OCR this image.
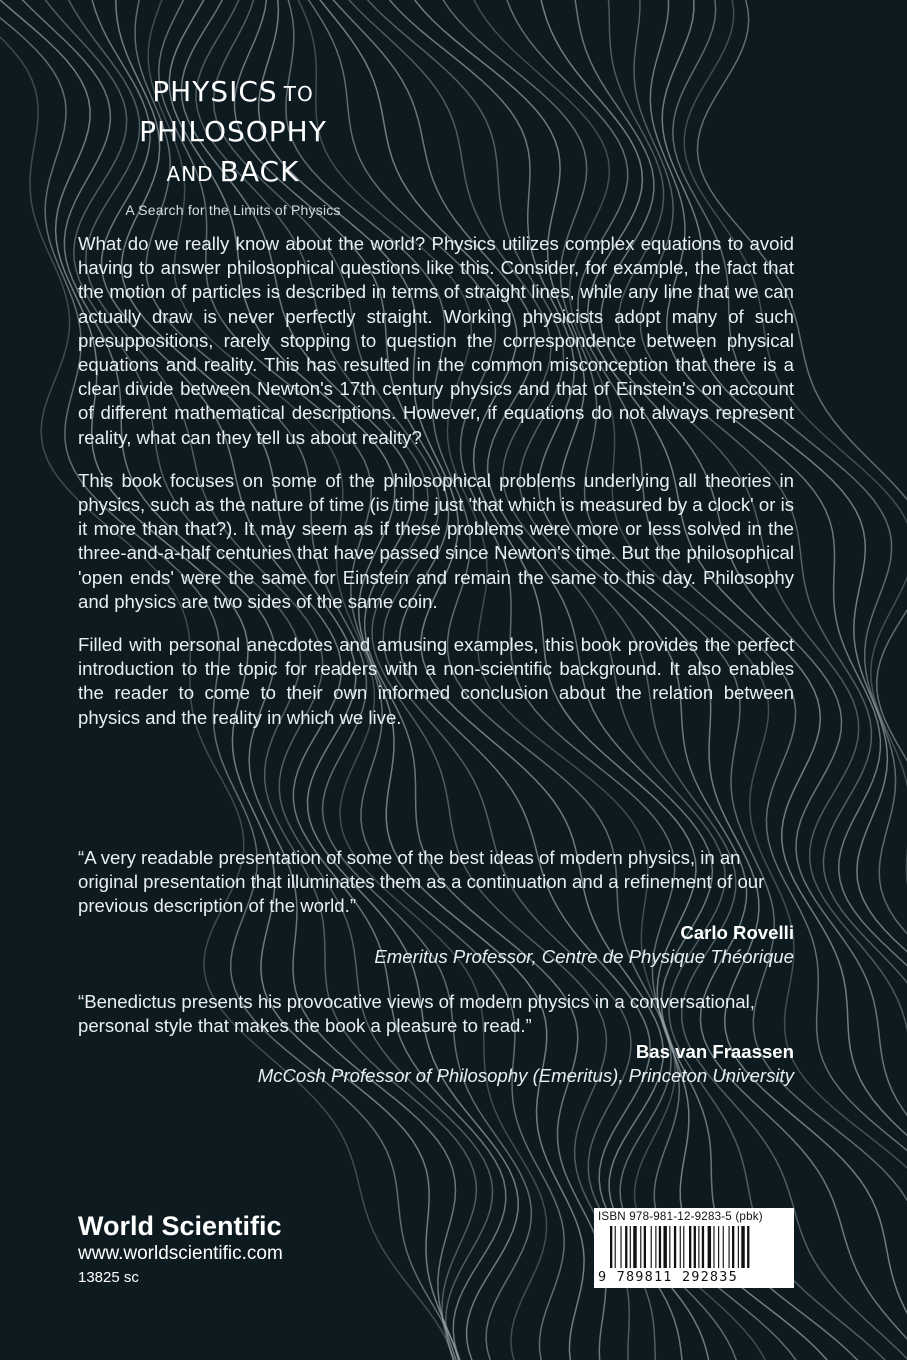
PHYSICS TO
PHILOSOPHY
AND BACK
A Search for the Limits of Physics

What do we really know about the world? Physics utilizes complex equations to avoid having to answer philosophical questions like this. Consider, for example, the fact that the motion of particles is described in terms of straight lines, while any line that we can actually draw is never perfectly straight. Working physicists adopt many of such presuppositions, rarely stopping to question the correspondence between physical equations and reality. This has resulted in the common misconception that there is a clear divide between Newton's 17th century physics and that of Einstein's on account of different mathematical descriptions. However, if equations do not always represent reality, what can they tell us about reality?

This book focuses on some of the philosophical problems underlying all theories in physics, such as the nature of time (is time just 'that which is measured by a clock' or is it more than that?). It may seem as if these problems were more or less solved in the three-and-a-half centuries that have passed since Newton's time. But the philosophical 'open ends' were the same for Einstein and remain the same to this day. Philosophy and physics are two sides of the same coin.

Filled with personal anecdotes and amusing examples, this book provides the perfect introduction to the topic for readers with a non-scientific background. It also enables the reader to come to their own informed conclusion about the relation between physics and the reality in which we live.

“A very readable presentation of some of the best ideas of modern physics, in an original presentation that illuminates them as a continuation and a refinement of our previous description of the world.”

Carlo Rovelli

Emeritus Professor, Centre de Physique Théorique

“Benedictus presents his provocative views of modern physics in a conversational, personal style that makes the book a pleasure to read.”

Bas van Fraassen

McCosh Professor of Philosophy (Emeritus), Princeton University

World Scientific
www.worldscientific.com
13825 sc
ISBN 978-981-12-9283-5 (pbk)
9 789811 292835
